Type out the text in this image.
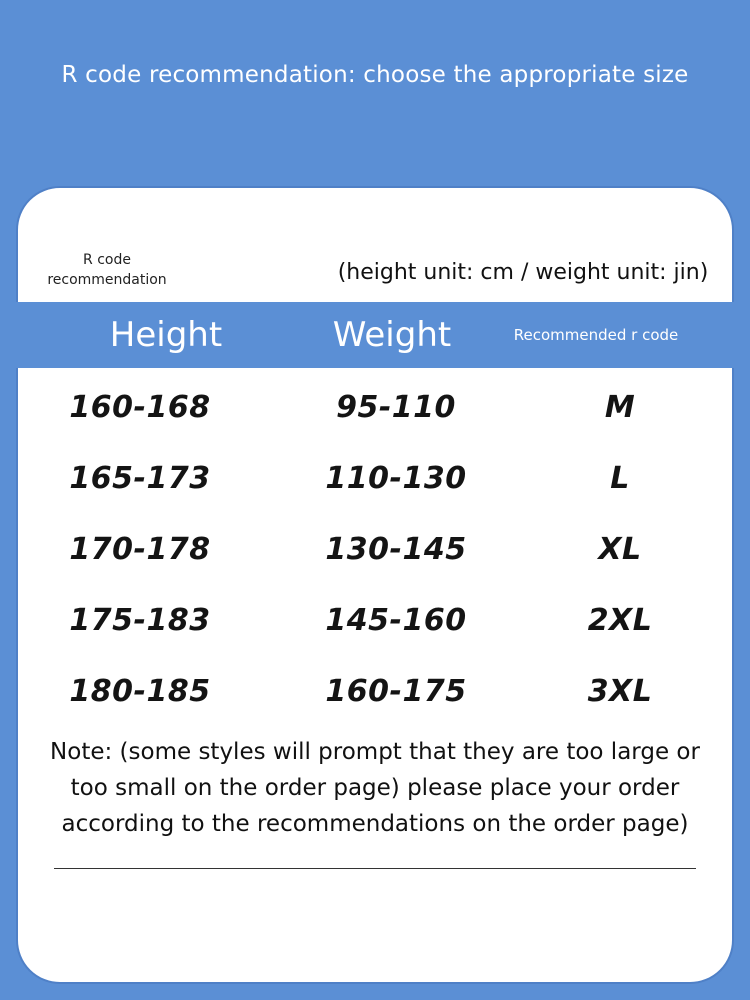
R code recommendation: choose the appropriate size
R code recommendation	(height unit: cm / weight unit: jin)
Height	Weight	Recommended r code
160-168	95-110	M
165-173	110-130	L
170-178	130-145	XL
175-183	145-160	2XL
180-185	160-175	3XL
Note: (some styles will prompt that they are too large or too small on the order page) please place your order according to the recommendations on the order page)
